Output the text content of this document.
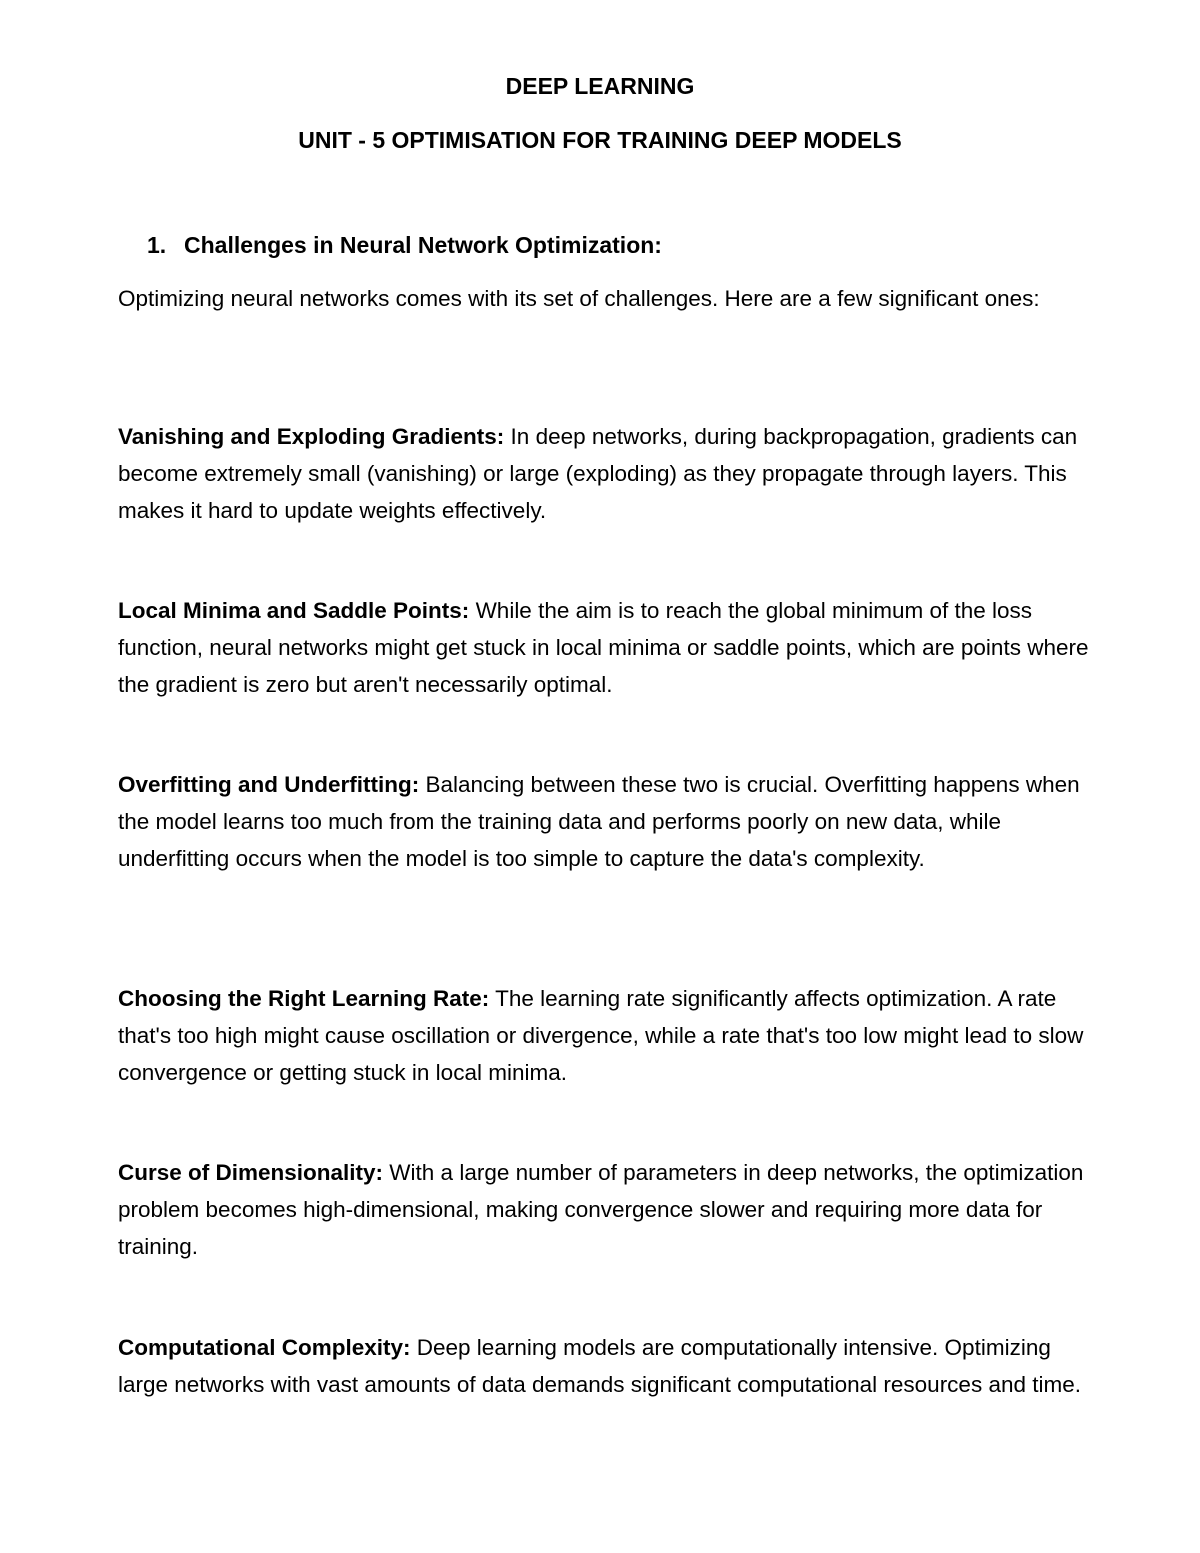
DEEP LEARNING
UNIT - 5 OPTIMISATION FOR TRAINING DEEP MODELS
1. Challenges in Neural Network Optimization:

Optimizing neural networks comes with its set of challenges. Here are a few significant ones:

Vanishing and Exploding Gradients: In deep networks, during backpropagation, gradients can become extremely small (vanishing) or large (exploding) as they propagate through layers. This makes it hard to update weights effectively.

Local Minima and Saddle Points: While the aim is to reach the global minimum of the loss function, neural networks might get stuck in local minima or saddle points, which are points where the gradient is zero but aren't necessarily optimal.

Overfitting and Underfitting: Balancing between these two is crucial. Overfitting happens when the model learns too much from the training data and performs poorly on new data, while underfitting occurs when the model is too simple to capture the data's complexity.

Choosing the Right Learning Rate: The learning rate significantly affects optimization. A rate that's too high might cause oscillation or divergence, while a rate that's too low might lead to slow convergence or getting stuck in local minima.

Curse of Dimensionality: With a large number of parameters in deep networks, the optimization problem becomes high-dimensional, making convergence slower and requiring more data for training.

Computational Complexity: Deep learning models are computationally intensive. Optimizing large networks with vast amounts of data demands significant computational resources and time.
